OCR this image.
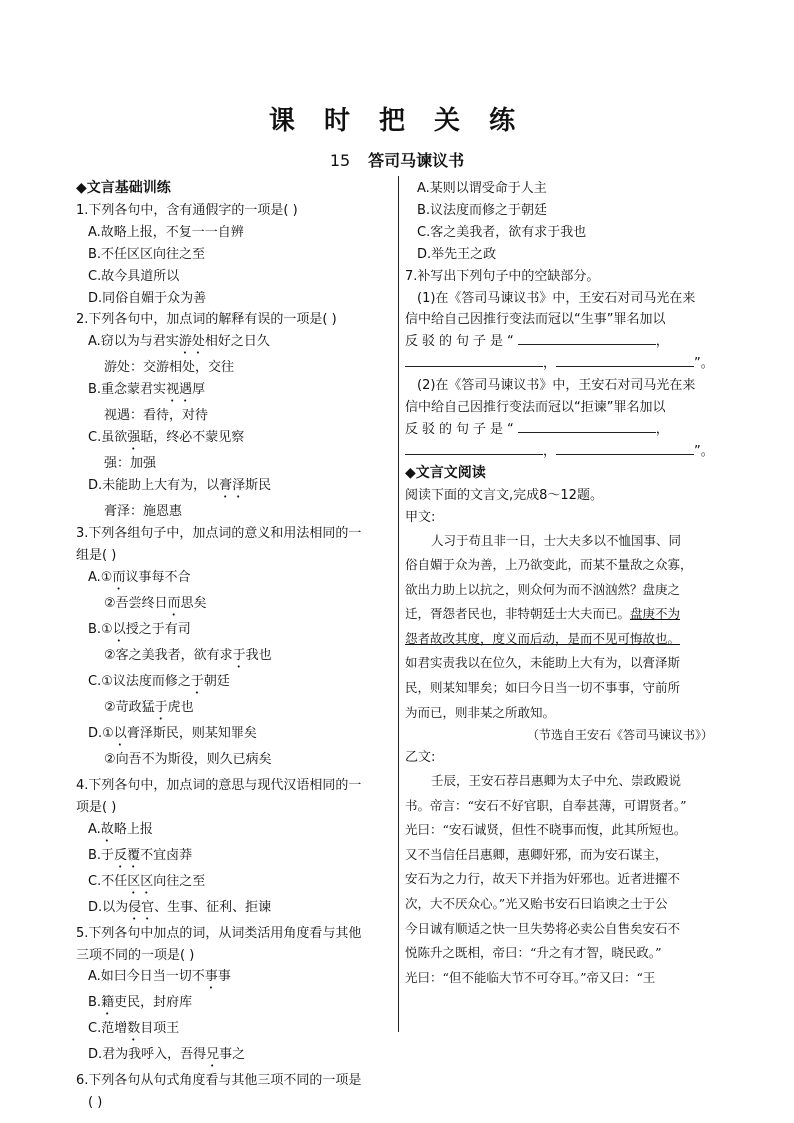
课 时 把 关 练
15 答司马谏议书
◆文言基础训练
1.下列各句中，含有通假字的一项是( )
A.故略上报，不复一一自辨
B.不任区区向往之至
C.故今具道所以
D.同俗自媚于众为善
2.下列各句中，加点词的解释有误的一项是( )
A.窃以为与君实游处相好之日久
游处：交游相处，交往
B.重念蒙君实视遇厚
视遇：看待，对待
C.虽欲强聒，终必不蒙见察
强：加强
D.未能助上大有为，以膏泽斯民
膏泽：施恩惠
3.下列各组句子中，加点词的意义和用法相同的一
组是( )
A.①而议事每不合
②吾尝终日而思矣
B.①以授之于有司
②客之美我者，欲有求于我也
C.①议法度而修之于朝廷
②苛政猛于虎也
D.①以膏泽斯民，则某知罪矣
②向吾不为斯役，则久已病矣
4.下列各句中，加点词的意思与现代汉语相同的一
项是( )
A.故略上报
B.于反覆不宜卤莽
C.不任区区向往之至
D.以为侵官、生事、征利、拒谏
5.下列各句中加点的词，从词类活用角度看与其他
三项不同的一项是( )
A.如曰今日当一切不事事
B.籍吏民，封府库
C.范增数目项王
D.君为我呼入，吾得兄事之
6.下列各句从句式角度看与其他三项不同的一项是
( )
A.某则以谓受命于人主
B.议法度而修之于朝廷
C.客之美我者，欲有求于我也
D.举先王之政
7.补写出下列句子中的空缺部分。
(1)在《答司马谏议书》中，王安石对司马光在来
信中给自己因推行变法而冠以“生事”罪名加以
反驳的句子是“	，
，	”。
(2)在《答司马谏议书》中，王安石对司马光在来
信中给自己因推行变法而冠以“拒谏”罪名加以
反驳的句子是“	，
，	”。
◆文言文阅读
阅读下面的文言文,完成8～12题。
甲文:
人习于苟且非一日，士大夫多以不恤国事、同
俗自媚于众为善，上乃欲变此，而某不量敌之众寡，
欲出力助上以抗之，则众何为而不汹汹然？盘庚之
迁，胥怨者民也，非特朝廷士大夫而已。盘庚不为
怨者故改其度，度义而后动，是而不见可悔故也。
如君实责我以在位久，未能助上大有为，以膏泽斯
民，则某知罪矣；如曰今日当一切不事事，守前所
为而已，则非某之所敢知。
（节选自王安石《答司马谏议书》）
乙文:
壬辰，王安石荐吕惠卿为太子中允、崇政殿说
书。帝言：“安石不好官职，自奉甚薄，可谓贤者。”
光曰：“安石诚贤，但性不晓事而愎，此其所短也。
又不当信任吕惠卿，惠卿奸邪，而为安石谋主，
安石为之力行，故天下并指为奸邪也。近者进擢不
次，大不厌众心。”光又贻书安石曰谄谀之士于公
今日诚有顺适之快一旦失势将必卖公自售矣安石不
悦陈升之既相，帝曰：“升之有才智，晓民政。”
光曰：“但不能临大节不可夺耳。”帝又曰：“王
